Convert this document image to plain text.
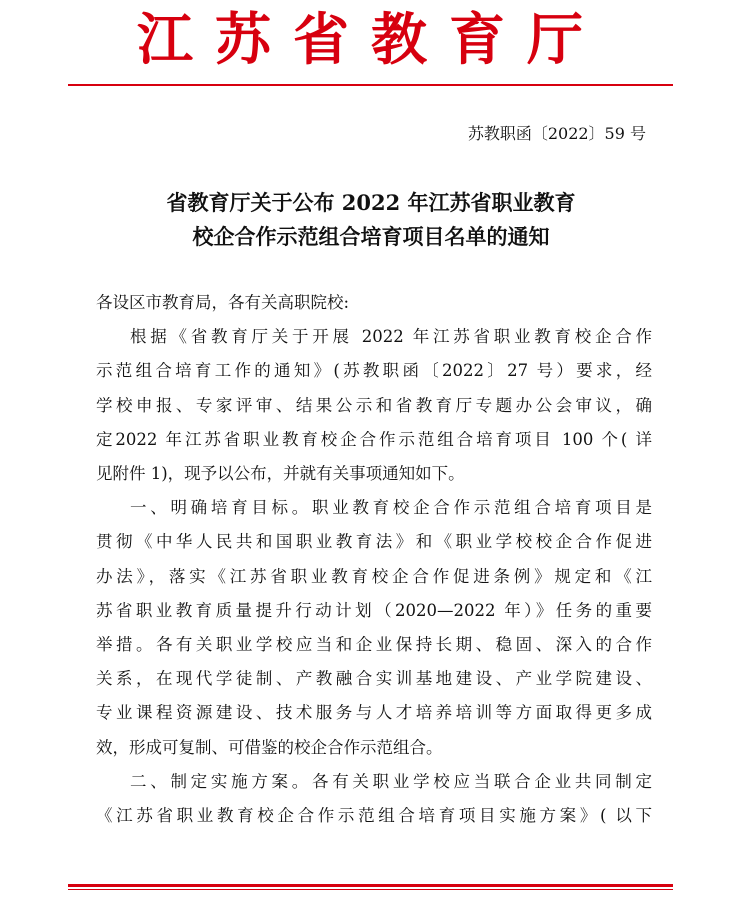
江苏省教育厅
苏教职函〔2022〕59 号
省教育厅关于公布 2022 年江苏省职业教育
校企合作示范组合培育项目名单的通知
各设区市教育局，各有关高职院校:
根据《省教育厅关于开展 2022 年江苏省职业教育校企合作
示范组合培育工作的通知》(苏教职函〔2022〕27 号）要求，经
学校申报、专家评审、结果公示和省教育厅专题办公会审议，确
定2022 年江苏省职业教育校企合作示范组合培育项目 100 个( 详
见附件 1)，现予以公布，并就有关事项通知如下。
一、明确培育目标。职业教育校企合作示范组合培育项目是
贯彻《中华人民共和国职业教育法》和《职业学校校企合作促进
办法》，落实《江苏省职业教育校企合作促进条例》规定和《江
苏省职业教育质量提升行动计划（2020—2022 年）》任务的重要
举措。各有关职业学校应当和企业保持长期、稳固、深入的合作
关系，在现代学徒制、产教融合实训基地建设、产业学院建设、
专业课程资源建设、技术服务与人才培养培训等方面取得更多成
效，形成可复制、可借鉴的校企合作示范组合。
二、制定实施方案。各有关职业学校应当联合企业共同制定
《江苏省职业教育校企合作示范组合培育项目实施方案》( 以下
